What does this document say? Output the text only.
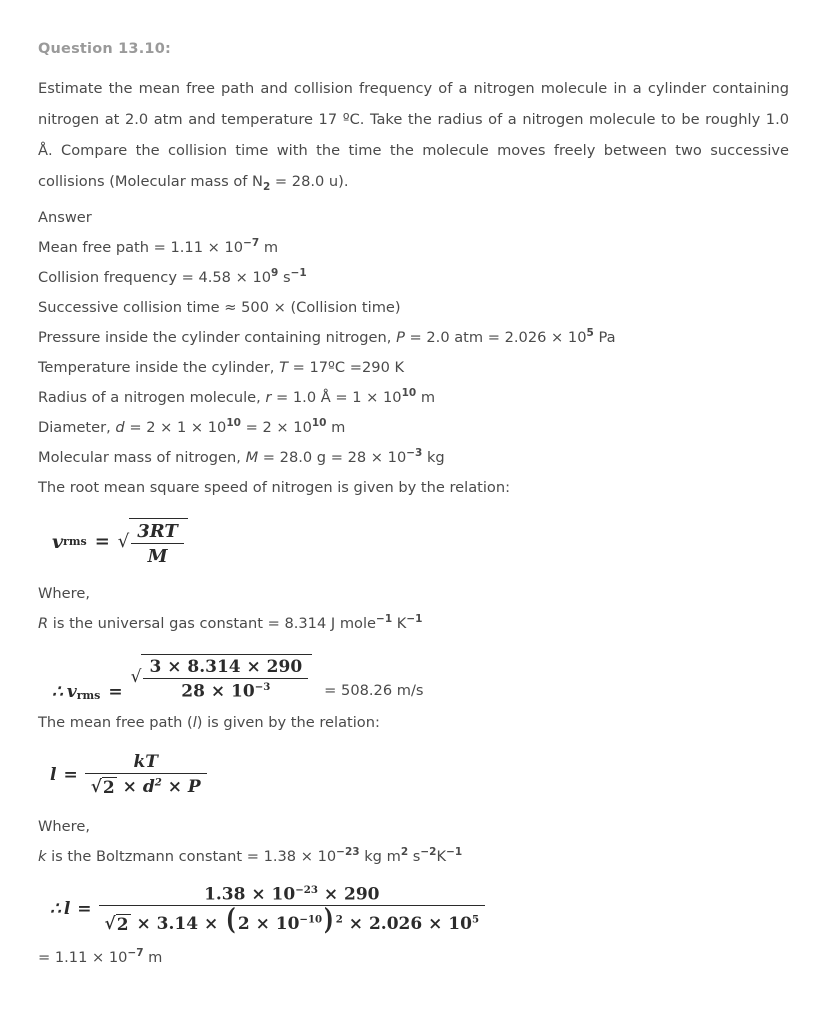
Question 13.10:

Estimate the mean free path and collision frequency of a nitrogen molecule in a cylinder containing nitrogen at 2.0 atm and temperature 17 ºC. Take the radius of a nitrogen molecule to be roughly 1.0 Å. Compare the collision time with the time the molecule moves freely between two successive collisions (Molecular mass of $N_2 = 28.0$ u).

Answer

Mean free path = $1.11 \times 10^{-7}$ m

Collision frequency = $4.58 \times 10^9$ $s^{-1}$

Successive collision time ≈ 500 × (Collision time)

Pressure inside the cylinder containing nitrogen, P = 2.0 atm = $2.026 \times 10^5$ Pa

Temperature inside the cylinder, T = 17ºC =290 K

Radius of a nitrogen molecule, r = 1.0 Å = $1 \times 10^{10}$ m

Diameter, $d = 2 \times 1 \times 10^{10} = 2 \times 10^{10}$ m

Molecular mass of nitrogen, M = 28.0 $g = 28 \times 10^{-3}$ kg

The root mean square speed of nitrogen is given by the relation:

v rms = √ $\frac{3RT}{M}$

Where,

R is the universal gas constant = 8.314 J mole$^{-1}$ $K^{-1}$

∴ v rms =
√ $\frac{3 \times 8.314 \times 290}{28 \times 10^{-3}} = 508.26$ m/s

The mean free path (l) is given by the relation:

$l = \frac{kT}{√ 2 \times d^2 \times P}$

Where,

k is the Boltzmann constant = $1.38 \times 10^{-23}$ kg $m^2$ $s^{-2}K^{-1}$

∴ $l = \frac{1.38 \times 10^{-23} \times 290}{√ 2 \times 3.14 \times ( 2 \times 10^{-10}) ^2 \times 2.026 \times 10^5}$

= $1.11 \times 10^{-7}$ m
